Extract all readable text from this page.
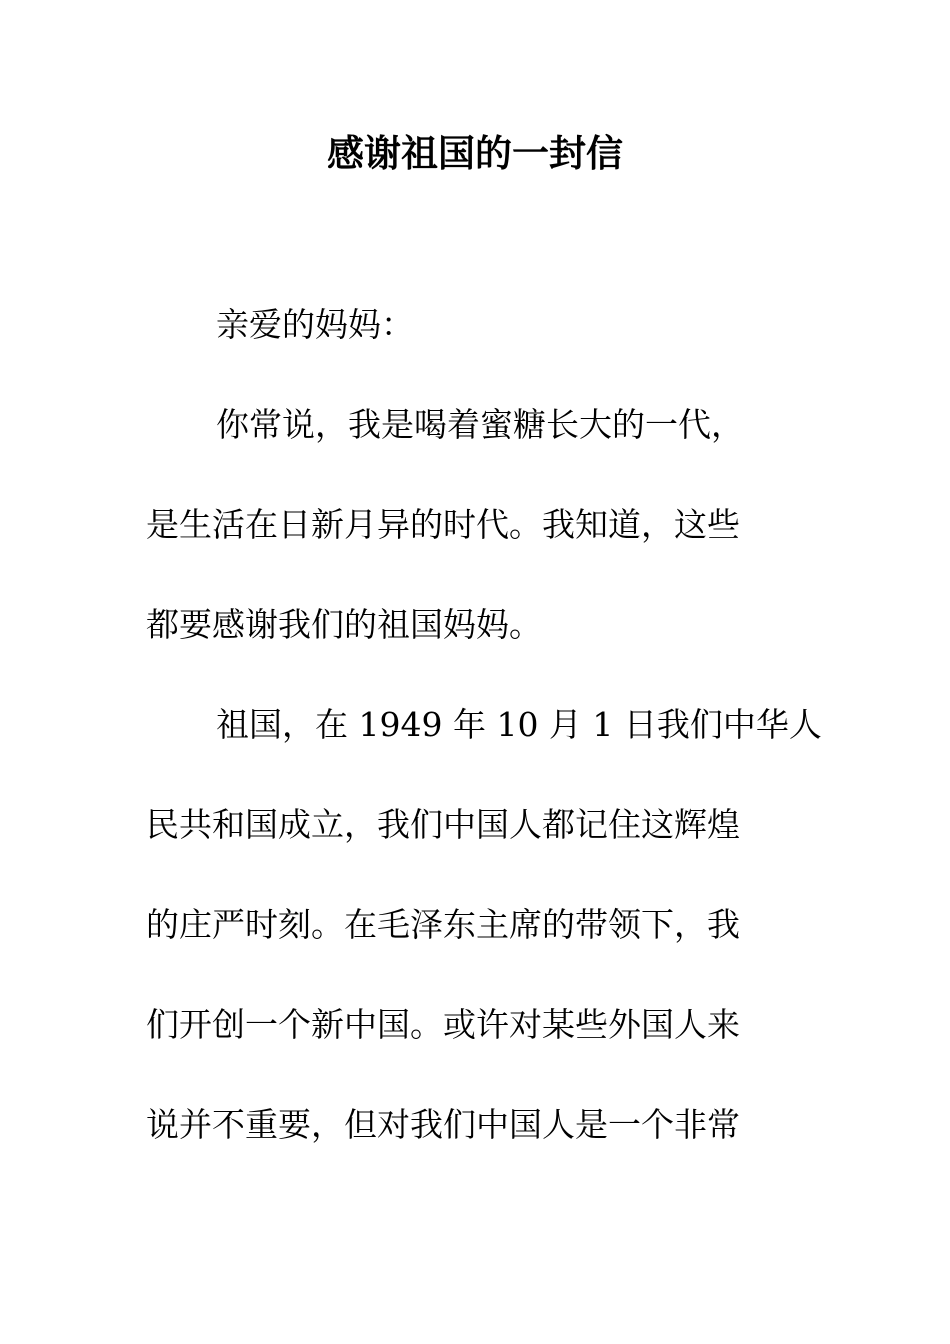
感谢祖国的一封信
亲爱的妈妈：
你常说，我是喝着蜜糖长大的一代，
是生活在日新月异的时代。我知道，这些
都要感谢我们的祖国妈妈。
祖国，在 1949 年 10 月 1 日我们中华人
民共和国成立，我们中国人都记住这辉煌
的庄严时刻。在毛泽东主席的带领下，我
们开创一个新中国。或许对某些外国人来
说并不重要，但对我们中国人是一个非常
